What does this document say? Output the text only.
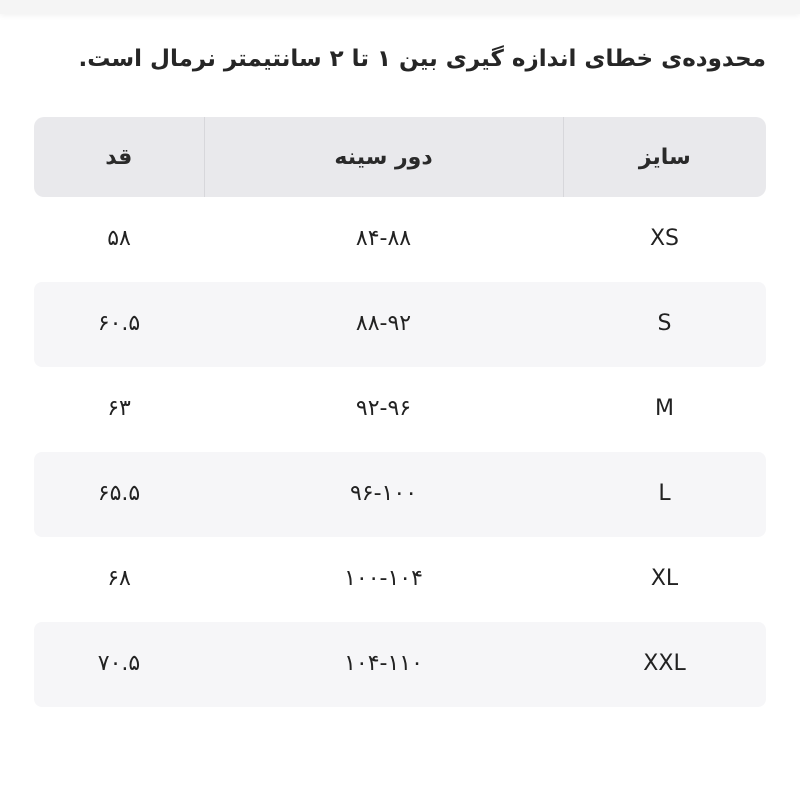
محدوده‌ی خطای اندازه گیری بین ۱ تا ۲ سانتیمتر نرمال است.
سایز
دور سینه
قد
XS
۸۴-۸۸
۵۸
S
۸۸-۹۲
۶۰.۵
M
۹۲-۹۶
۶۳
L
۹۶-۱۰۰
۶۵.۵
XL
۱۰۰-۱۰۴
۶۸
XXL
۱۰۴-۱۱۰
۷۰.۵
